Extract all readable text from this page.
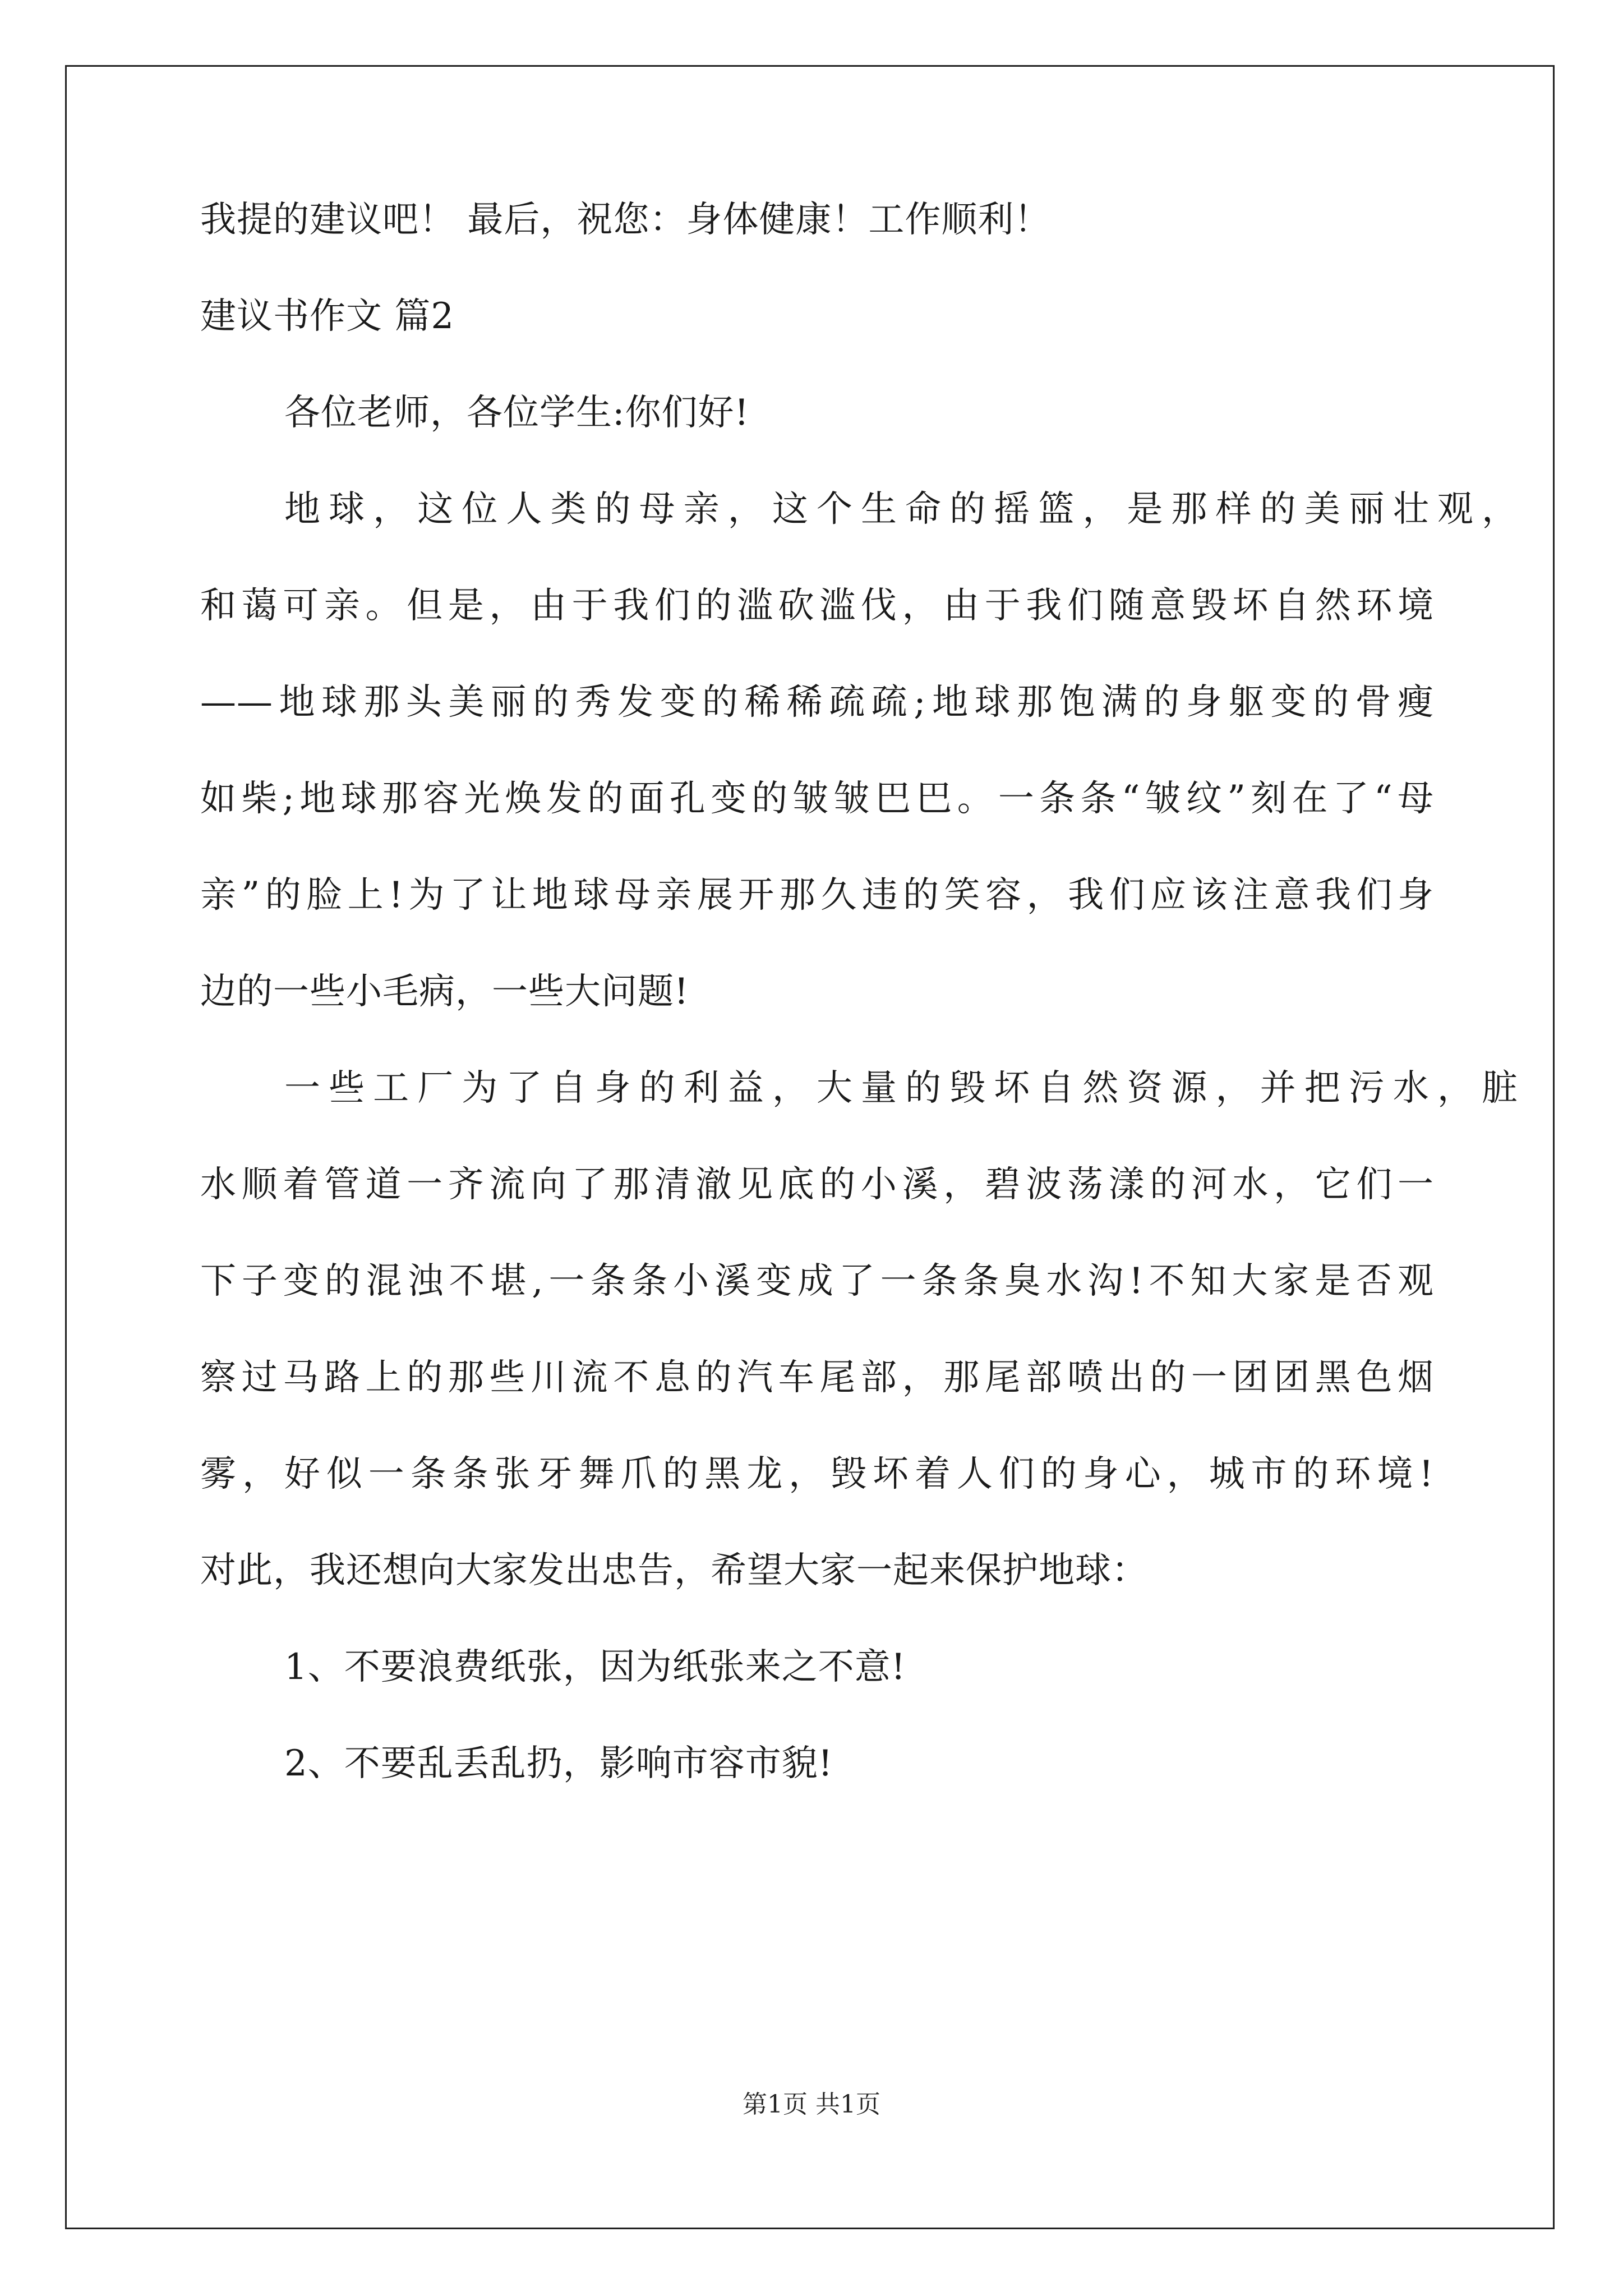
我提的建议吧！ 最后，祝您：身体健康！工作顺利！
建议书作文 篇2
各位老师，各位学生:你们好!
地球，这位人类的母亲，这个生命的摇篮，是那样的美丽壮观，
和蔼可亲。但是，由于我们的滥砍滥伐，由于我们随意毁坏自然环境
——地球那头美丽的秀发变的稀稀疏疏;地球那饱满的身躯变的骨瘦
如柴;地球那容光焕发的面孔变的皱皱巴巴。一条条“皱纹”刻在了“母
亲”的脸上!为了让地球母亲展开那久违的笑容，我们应该注意我们身
边的一些小毛病，一些大问题!
一些工厂为了自身的利益，大量的毁坏自然资源，并把污水，脏
水顺着管道一齐流向了那清澈见底的小溪，碧波荡漾的河水，它们一
下子变的混浊不堪,一条条小溪变成了一条条臭水沟!不知大家是否观
察过马路上的那些川流不息的汽车尾部，那尾部喷出的一团团黑色烟
雾，好似一条条张牙舞爪的黑龙，毁坏着人们的身心，城市的环境!
对此，我还想向大家发出忠告，希望大家一起来保护地球：
1、不要浪费纸张，因为纸张来之不意!
2、不要乱丢乱扔，影响市容市貌!
第1页 共1页
